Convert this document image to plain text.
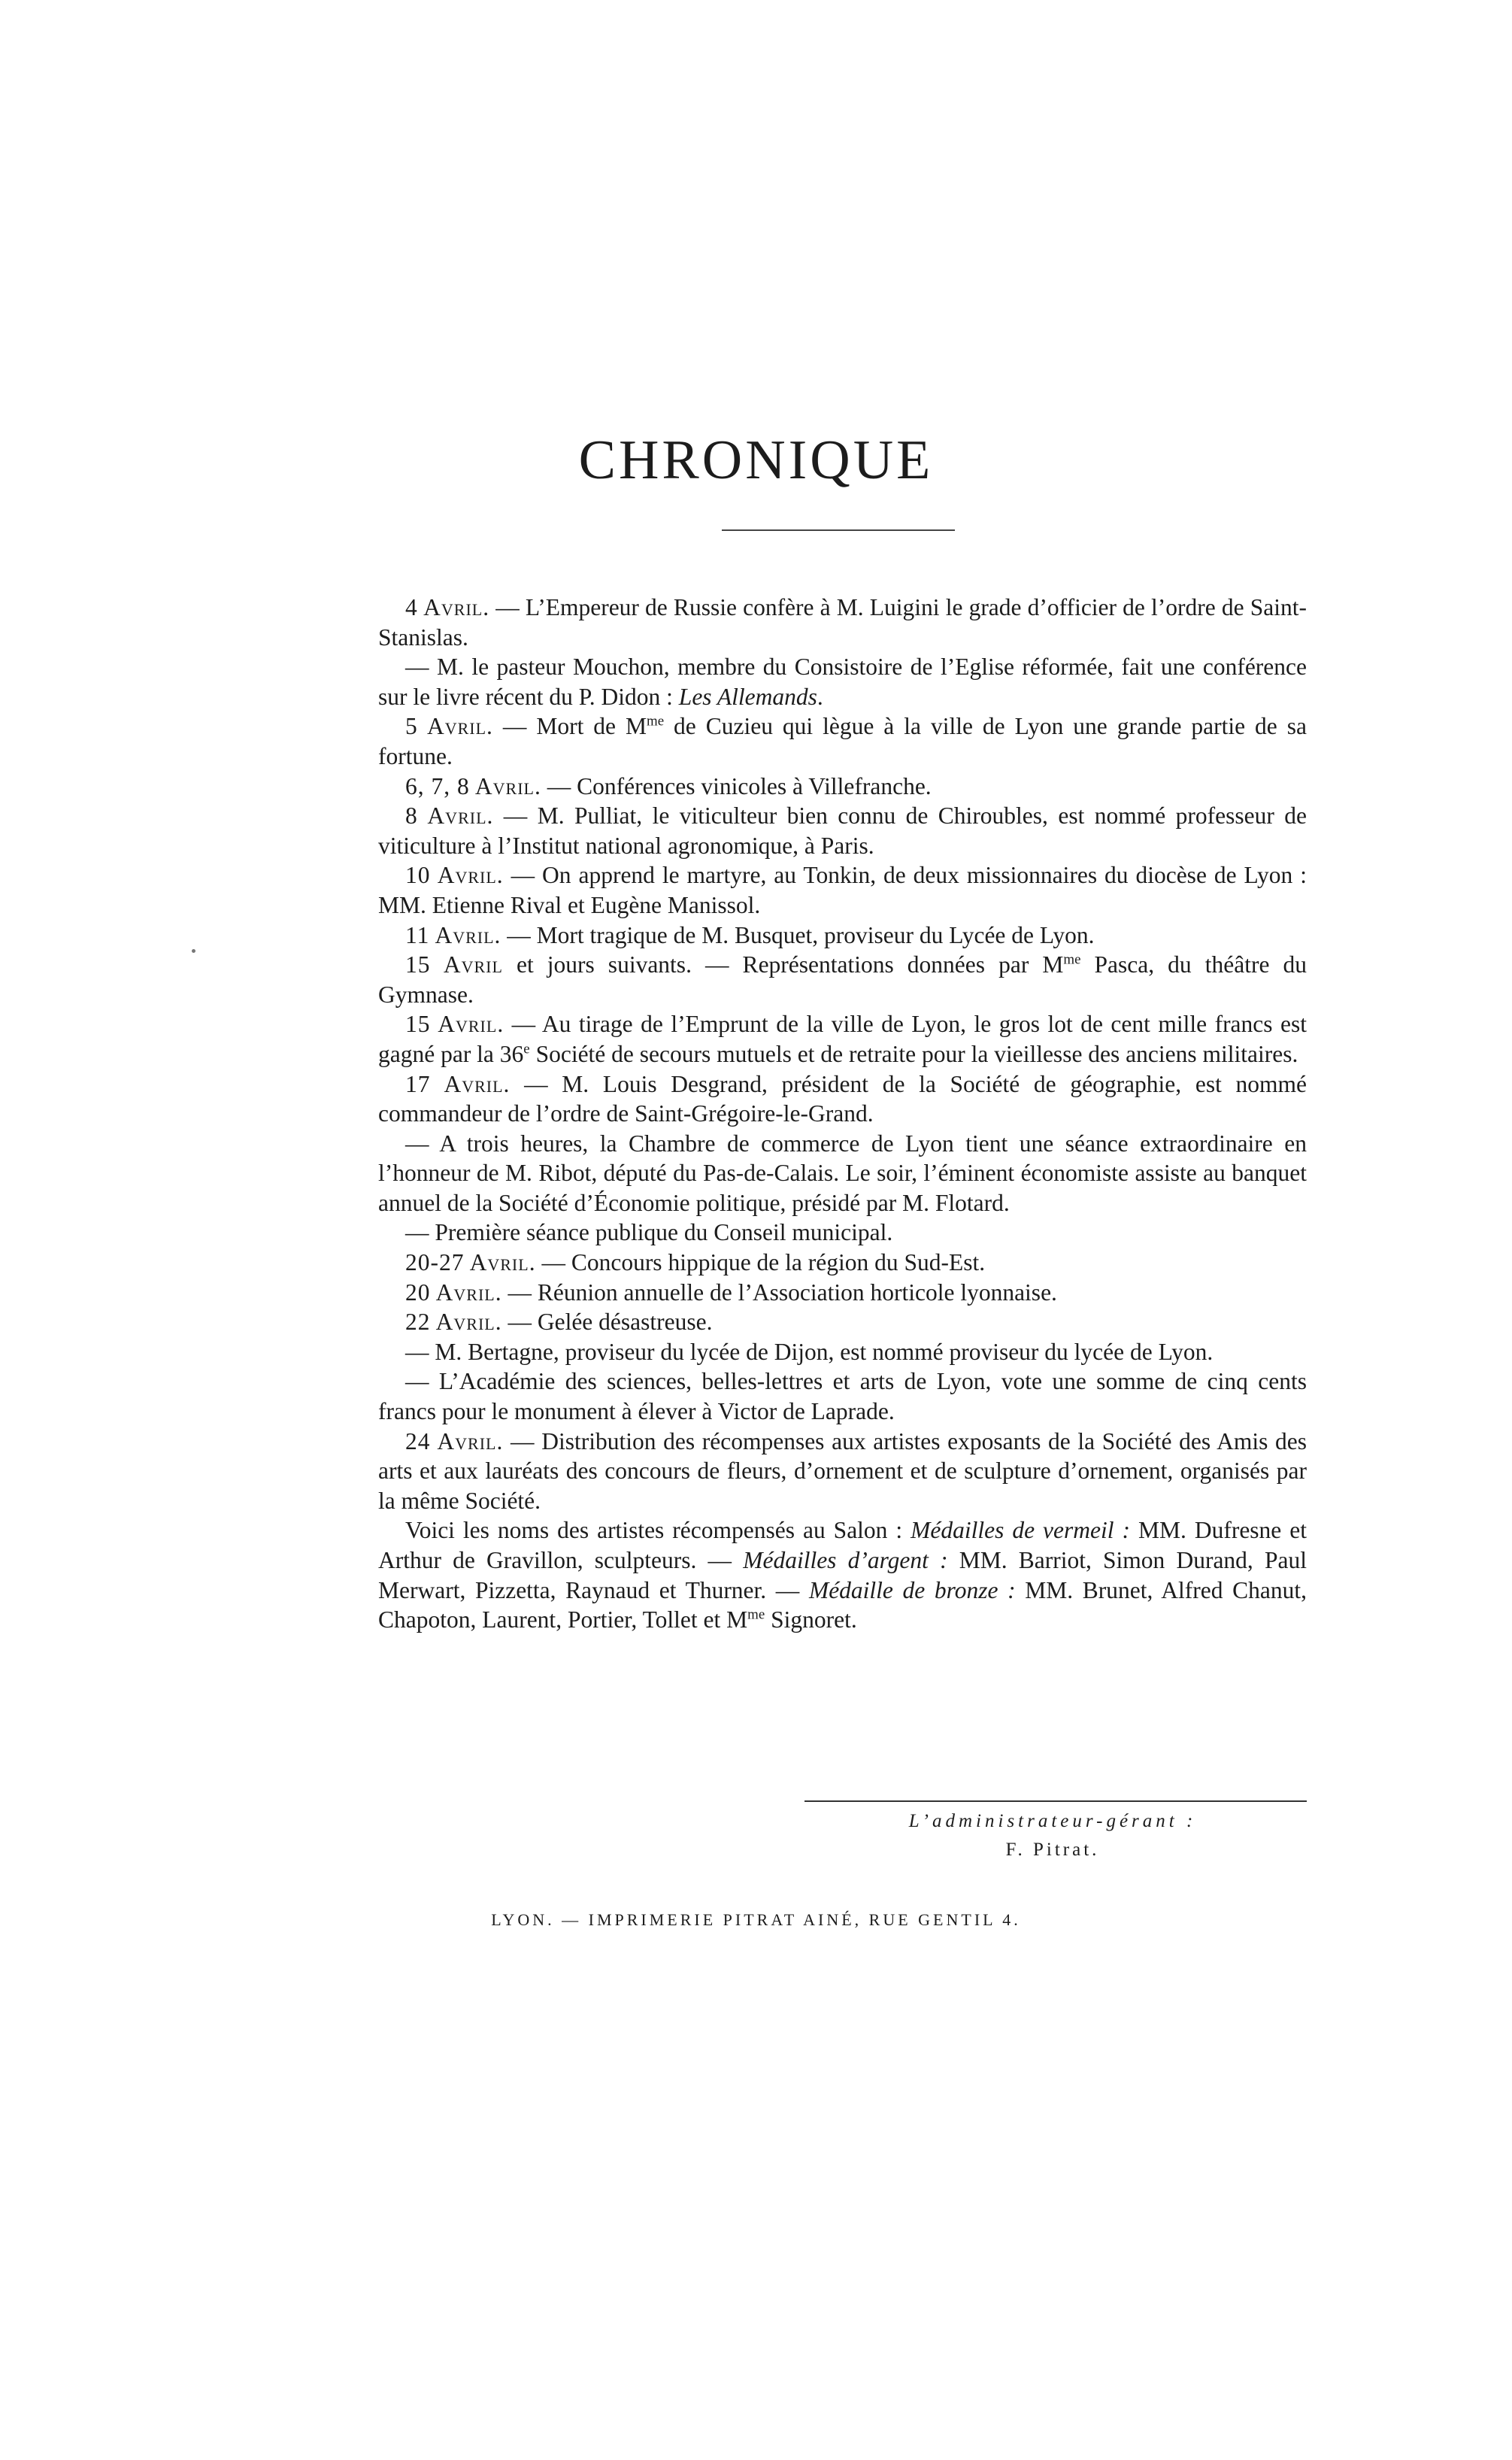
CHRONIQUE

4 Avril. — L’Empereur de Russie confère à M. Luigini le grade d’officier de l’ordre de Saint-Stanislas.

— M. le pasteur Mouchon, membre du Consistoire de l’Eglise réformée, fait une conférence sur le livre récent du P. Didon : Les Allemands.

5 Avril. — Mort de $M^{me}$ de Cuzieu qui lègue à la ville de Lyon une grande partie de sa fortune.

6, 7, 8 Avril. — Conférences vinicoles à Villefranche.

8 Avril. — M. Pulliat, le viticulteur bien connu de Chiroubles, est nommé professeur de viticulture à l’Institut national agronomique, à Paris.

10 Avril. — On apprend le martyre, au Tonkin, de deux missionnaires du diocèse de Lyon : MM. Etienne Rival et Eugène Manissol.

11 Avril. — Mort tragique de M. Busquet, proviseur du Lycée de Lyon.

15 Avril et jours suivants. — Représentations données par $M^{me}$ Pasca, du théâtre du Gymnase.

15 Avril. — Au tirage de l’Emprunt de la ville de Lyon, le gros lot de cent mille francs est gagné par la 36e Société de secours mutuels et de retraite pour la vieillesse des anciens militaires.

17 Avril. — M. Louis Desgrand, président de la Société de géographie, est nommé commandeur de l’ordre de Saint-Grégoire-le-Grand.

— A trois heures, la Chambre de commerce de Lyon tient une séance extraordinaire en l’honneur de M. Ribot, député du Pas-de-Calais. Le soir, l’éminent économiste assiste au banquet annuel de la Société d’Économie politique, présidé par M. Flotard.

— Première séance publique du Conseil municipal.

20-27 Avril. — Concours hippique de la région du Sud-Est.

20 Avril. — Réunion annuelle de l’Association horticole lyonnaise.

22 Avril. — Gelée désastreuse.

— M. Bertagne, proviseur du lycée de Dijon, est nommé proviseur du lycée de Lyon.

— L’Académie des sciences, belles-lettres et arts de Lyon, vote une somme de cinq cents francs pour le monument à élever à Victor de Laprade.

24 Avril. — Distribution des récompenses aux artistes exposants de la Société des Amis des arts et aux lauréats des concours de fleurs, d’ornement et de sculpture d’ornement, organisés par la même Société.

Voici les noms des artistes récompensés au Salon : Médailles de vermeil : MM. Dufresne et Arthur de Gravillon, sculpteurs. — Médailles d’argent : MM. Barriot, Simon Durand, Paul Merwart, Pizzetta, Raynaud et Thurner. — Médaille de bronze : MM. Brunet, Alfred Chanut, Chapoton, Laurent, Portier, Tollet et $M^{me}$ Signoret.

L’administrateur-gérant :
F. Pitrat.
LYON. — IMPRIMERIE PITRAT AINÉ, RUE GENTIL 4.
